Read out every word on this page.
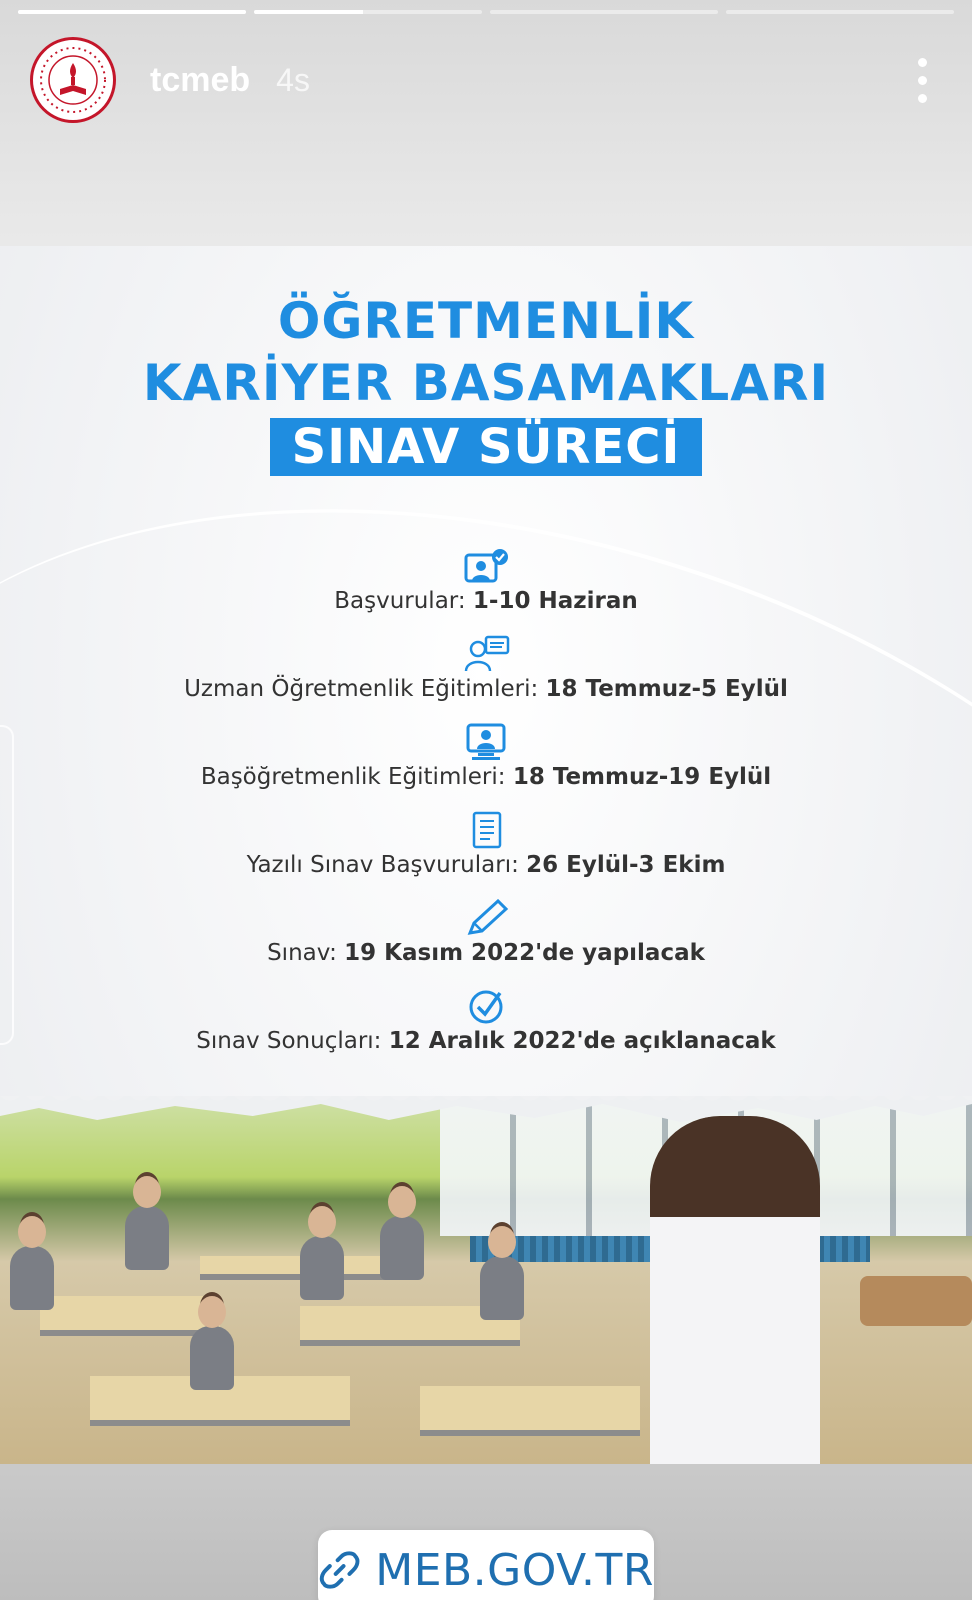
tcmeb 4s
ÖĞRETMENLİK
KARİYER BASAMAKLARI
SINAV SÜRECİ
Başvurular: 1-10 Haziran
Uzman Öğretmenlik Eğitimleri: 18 Temmuz-5 Eylül
Başöğretmenlik Eğitimleri: 18 Temmuz-19 Eylül
Yazılı Sınav Başvuruları: 26 Eylül-3 Ekim
Sınav: 19 Kasım 2022'de yapılacak
Sınav Sonuçları: 12 Aralık 2022'de açıklanacak
MEB.GOV.TR
